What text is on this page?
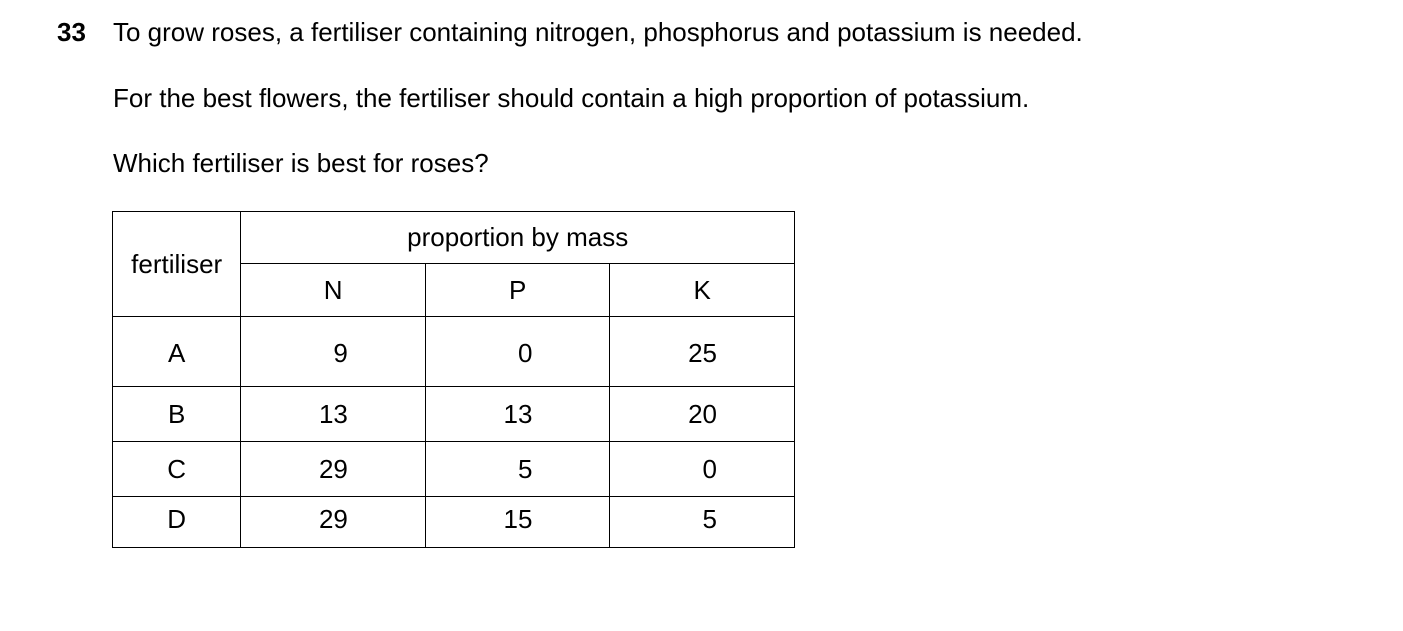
33 To grow roses, a fertiliser containing nitrogen, phosphorus and potassium is needed.
For the best flowers, the fertiliser should contain a high proportion of potassium.
Which fertiliser is best for roses?
fertiliser	proportion by mass		
	N	P	K
A	9	0	25
B	13	13	20
C	29	5	0
D	29	15	5
